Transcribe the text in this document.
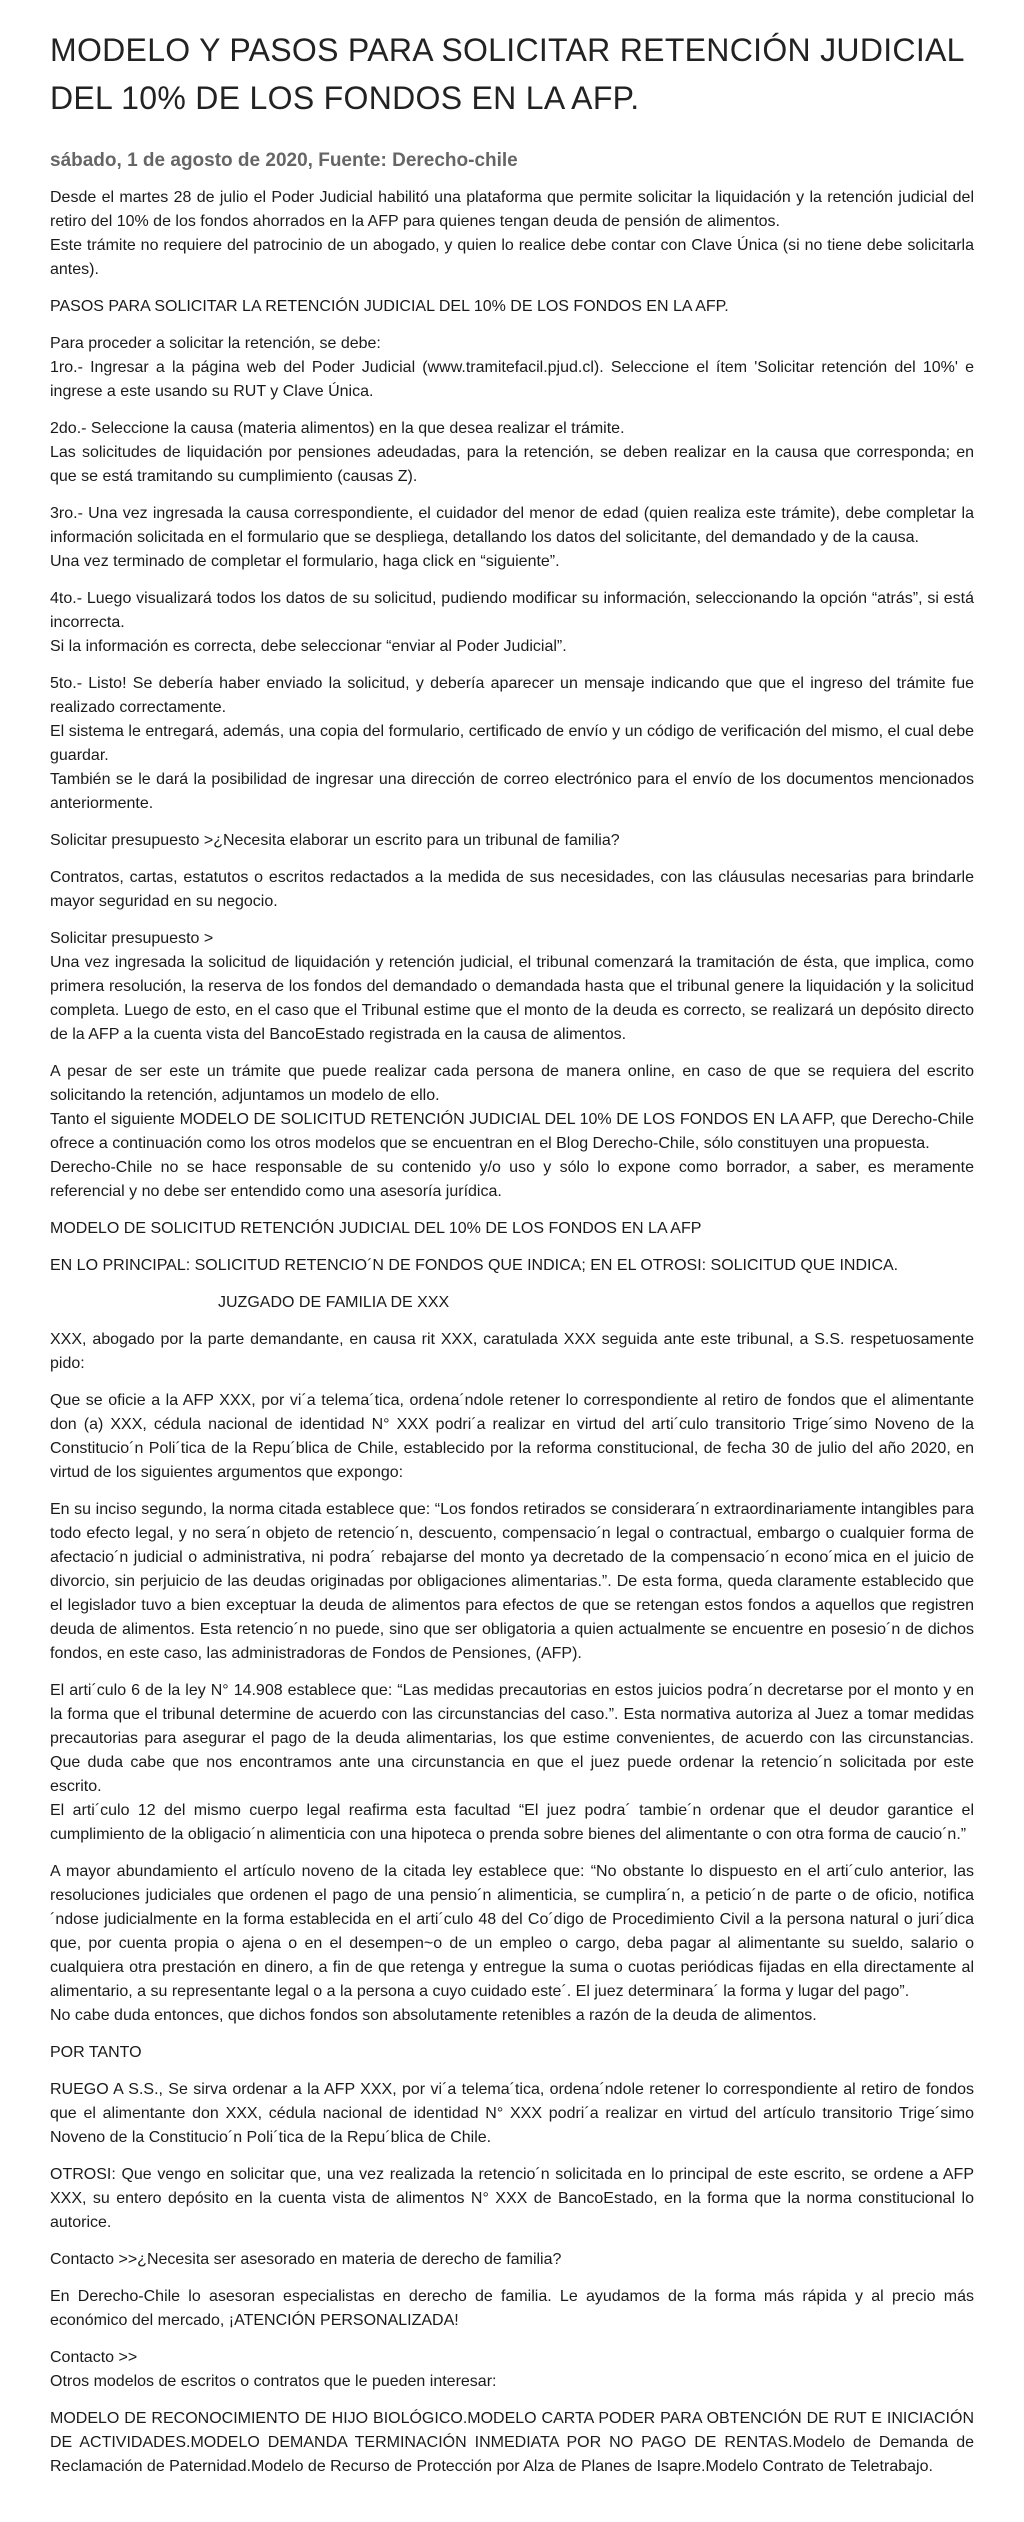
MODELO Y PASOS PARA SOLICITAR RETENCIÓN JUDICIAL DEL 10% DE LOS FONDOS EN LA AFP.
sábado, 1 de agosto de 2020, Fuente: Derecho-chile

Desde el martes 28 de julio el Poder Judicial habilitó una plataforma que permite solicitar la liquidación y la retención judicial del retiro del 10% de los fondos ahorrados en la AFP para quienes tengan deuda de pensión de alimentos.
Este trámite no requiere del patrocinio de un abogado, y quien lo realice debe contar con Clave Única (si no tiene debe solicitarla antes).

PASOS PARA SOLICITAR LA RETENCIÓN JUDICIAL DEL 10% DE LOS FONDOS EN LA AFP.

Para proceder a solicitar la retención, se debe:
1ro.- Ingresar a la página web del Poder Judicial (www.tramitefacil.pjud.cl). Seleccione el ítem 'Solicitar retención del 10%' e ingrese a este usando su RUT y Clave Única.

2do.- Seleccione la causa (materia alimentos) en la que desea realizar el trámite.
Las solicitudes de liquidación por pensiones adeudadas, para la retención, se deben realizar en la causa que corresponda; en que se está tramitando su cumplimiento (causas Z).

3ro.- Una vez ingresada la causa correspondiente, el cuidador del menor de edad (quien realiza este trámite), debe completar la información solicitada en el formulario que se despliega, detallando los datos del solicitante, del demandado y de la causa.
Una vez terminado de completar el formulario, haga click en “siguiente”.

4to.- Luego visualizará todos los datos de su solicitud, pudiendo modificar su información, seleccionando la opción “atrás”, si está incorrecta.
Si la información es correcta, debe seleccionar “enviar al Poder Judicial”.

5to.- Listo! Se debería haber enviado la solicitud, y debería aparecer un mensaje indicando que que el ingreso del trámite fue realizado correctamente.
El sistema le entregará, además, una copia del formulario, certificado de envío y un código de verificación del mismo, el cual debe guardar.
También se le dará la posibilidad de ingresar una dirección de correo electrónico para el envío de los documentos mencionados anteriormente.

Solicitar presupuesto >¿Necesita elaborar un escrito para un tribunal de familia?

Contratos, cartas, estatutos o escritos redactados a la medida de sus necesidades, con las cláusulas necesarias para brindarle mayor seguridad en su negocio.

Solicitar presupuesto >
Una vez ingresada la solicitud de liquidación y retención judicial, el tribunal comenzará la tramitación de ésta, que implica, como primera resolución, la reserva de los fondos del demandado o demandada hasta que el tribunal genere la liquidación y la solicitud completa. Luego de esto, en el caso que el Tribunal estime que el monto de la deuda es correcto, se realizará un depósito directo de la AFP a la cuenta vista del BancoEstado registrada en la causa de alimentos.

A pesar de ser este un trámite que puede realizar cada persona de manera online, en caso de que se requiera del escrito solicitando la retención, adjuntamos un modelo de ello.
Tanto el siguiente MODELO DE SOLICITUD RETENCIÓN JUDICIAL DEL 10% DE LOS FONDOS EN LA AFP, que Derecho-Chile ofrece a continuación como los otros modelos que se encuentran en el Blog Derecho-Chile, sólo constituyen una propuesta.
Derecho-Chile no se hace responsable de su contenido y/o uso y sólo lo expone como borrador, a saber, es meramente referencial y no debe ser entendido como una asesoría jurídica.

MODELO DE SOLICITUD RETENCIÓN JUDICIAL DEL 10% DE LOS FONDOS EN LA AFP

EN LO PRINCIPAL: SOLICITUD RETENCIO´N DE FONDOS QUE INDICA; EN EL OTROSI: SOLICITUD QUE INDICA.

JUZGADO DE FAMILIA DE XXX

XXX, abogado por la parte demandante, en causa rit XXX, caratulada XXX seguida ante este tribunal, a S.S. respetuosamente pido:

Que se oficie a la AFP XXX, por vi´a telema´tica, ordena´ndole retener lo correspondiente al retiro de fondos que el alimentante don (a) XXX, cédula nacional de identidad N° XXX podri´a realizar en virtud del arti´culo transitorio Trige´simo Noveno de la Constitucio´n Poli´tica de la Repu´blica de Chile, establecido por la reforma constitucional, de fecha 30 de julio del año 2020, en virtud de los siguientes argumentos que expongo:

En su inciso segundo, la norma citada establece que: “Los fondos retirados se considerara´n extraordinariamente intangibles para todo efecto legal, y no sera´n objeto de retencio´n, descuento, compensacio´n legal o contractual, embargo o cualquier forma de afectacio´n judicial o administrativa, ni podra´ rebajarse del monto ya decretado de la compensacio´n econo´mica en el juicio de divorcio, sin perjuicio de las deudas originadas por obligaciones alimentarias.”. De esta forma, queda claramente establecido que el legislador tuvo a bien exceptuar la deuda de alimentos para efectos de que se retengan estos fondos a aquellos que registren deuda de alimentos. Esta retencio´n no puede, sino que ser obligatoria a quien actualmente se encuentre en posesio´n de dichos fondos, en este caso, las administradoras de Fondos de Pensiones, (AFP).

El arti´culo 6 de la ley N° 14.908 establece que: “Las medidas precautorias en estos juicios podra´n decretarse por el monto y en la forma que el tribunal determine de acuerdo con las circunstancias del caso.”. Esta normativa autoriza al Juez a tomar medidas precautorias para asegurar el pago de la deuda alimentarias, los que estime convenientes, de acuerdo con las circunstancias. Que duda cabe que nos encontramos ante una circunstancia en que el juez puede ordenar la retencio´n solicitada por este escrito.
El arti´culo 12 del mismo cuerpo legal reafirma esta facultad “El juez podra´ tambie´n ordenar que el deudor garantice el cumplimiento de la obligacio´n alimenticia con una hipoteca o prenda sobre bienes del alimentante o con otra forma de caucio´n.”

A mayor abundamiento el artículo noveno de la citada ley establece que: “No obstante lo dispuesto en el arti´culo anterior, las resoluciones judiciales que ordenen el pago de una pensio´n alimenticia, se cumplira´n, a peticio´n de parte o de oficio, notifica´ndose judicialmente en la forma establecida en el arti´culo 48 del Co´digo de Procedimiento Civil a la persona natural o juri´dica que, por cuenta propia o ajena o en el desempen~o de un empleo o cargo, deba pagar al alimentante su sueldo, salario o cualquiera otra prestación en dinero, a fin de que retenga y entregue la suma o cuotas periódicas fijadas en ella directamente al alimentario, a su representante legal o a la persona a cuyo cuidado este´. El juez determinara´ la forma y lugar del pago”.
No cabe duda entonces, que dichos fondos son absolutamente retenibles a razón de la deuda de alimentos.

POR TANTO

RUEGO A S.S., Se sirva ordenar a la AFP XXX, por vi´a telema´tica, ordena´ndole retener lo correspondiente al retiro de fondos que el alimentante don XXX, cédula nacional de identidad N° XXX podri´a realizar en virtud del artículo transitorio Trige´simo Noveno de la Constitucio´n Poli´tica de la Repu´blica de Chile.

OTROSI: Que vengo en solicitar que, una vez realizada la retencio´n solicitada en lo principal de este escrito, se ordene a AFP XXX, su entero depósito en la cuenta vista de alimentos N° XXX de BancoEstado, en la forma que la norma constitucional lo autorice.

Contacto >>¿Necesita ser asesorado en materia de derecho de familia?

En Derecho-Chile lo asesoran especialistas en derecho de familia. Le ayudamos de la forma más rápida y al precio más económico del mercado, ¡ATENCIÓN PERSONALIZADA!

Contacto >>
Otros modelos de escritos o contratos que le pueden interesar:

MODELO DE RECONOCIMIENTO DE HIJO BIOLÓGICO.MODELO CARTA PODER PARA OBTENCIÓN DE RUT E INICIACIÓN DE ACTIVIDADES.MODELO DEMANDA TERMINACIÓN INMEDIATA POR NO PAGO DE RENTAS.Modelo de Demanda de Reclamación de Paternidad.Modelo de Recurso de Protección por Alza de Planes de Isapre.Modelo Contrato de Teletrabajo.
